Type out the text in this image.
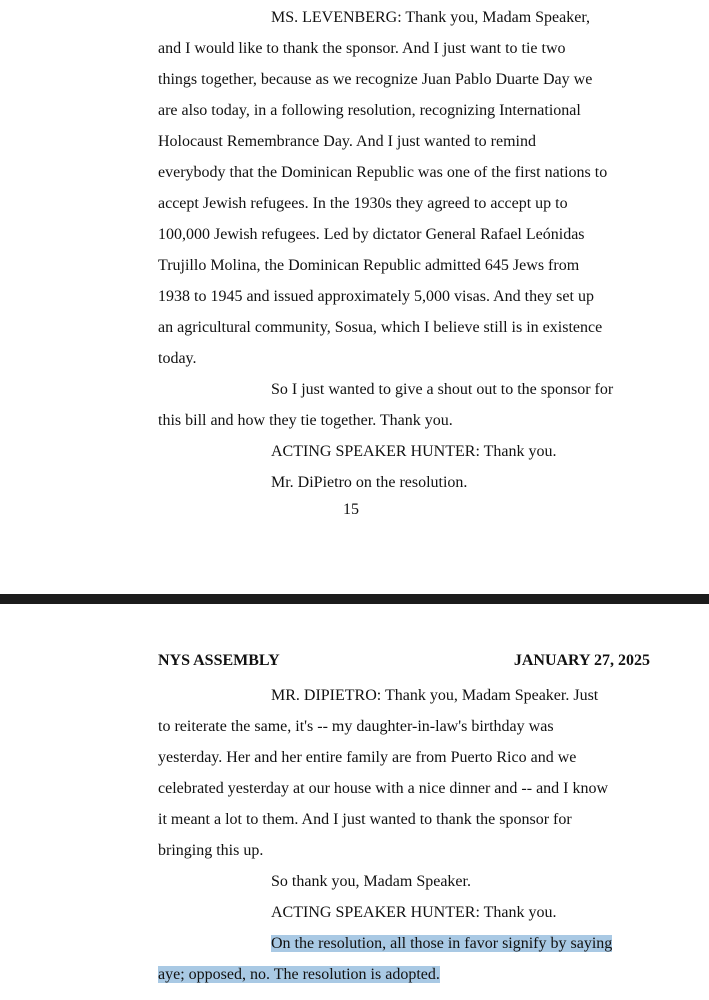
MS. LEVENBERG: Thank you, Madam Speaker,
and I would like to thank the sponsor. And I just want to tie two
things together, because as we recognize Juan Pablo Duarte Day we
are also today, in a following resolution, recognizing International
Holocaust Remembrance Day. And I just wanted to remind
everybody that the Dominican Republic was one of the first nations to
accept Jewish refugees. In the 1930s they agreed to accept up to
100,000 Jewish refugees. Led by dictator General Rafael Leónidas
Trujillo Molina, the Dominican Republic admitted 645 Jews from
1938 to 1945 and issued approximately 5,000 visas. And they set up
an agricultural community, Sosua, which I believe still is in existence
today.
So I just wanted to give a shout out to the sponsor for
this bill and how they tie together. Thank you.
ACTING SPEAKER HUNTER: Thank you.
Mr. DiPietro on the resolution.
15
NYS ASSEMBLY	JANUARY 27, 2025
MR. DIPIETRO: Thank you, Madam Speaker. Just
to reiterate the same, it's -- my daughter-in-law's birthday was
yesterday. Her and her entire family are from Puerto Rico and we
celebrated yesterday at our house with a nice dinner and -- and I know
it meant a lot to them. And I just wanted to thank the sponsor for
bringing this up.
So thank you, Madam Speaker.
ACTING SPEAKER HUNTER: Thank you.
On the resolution, all those in favor signify by saying
aye; opposed, no. The resolution is adopted.
